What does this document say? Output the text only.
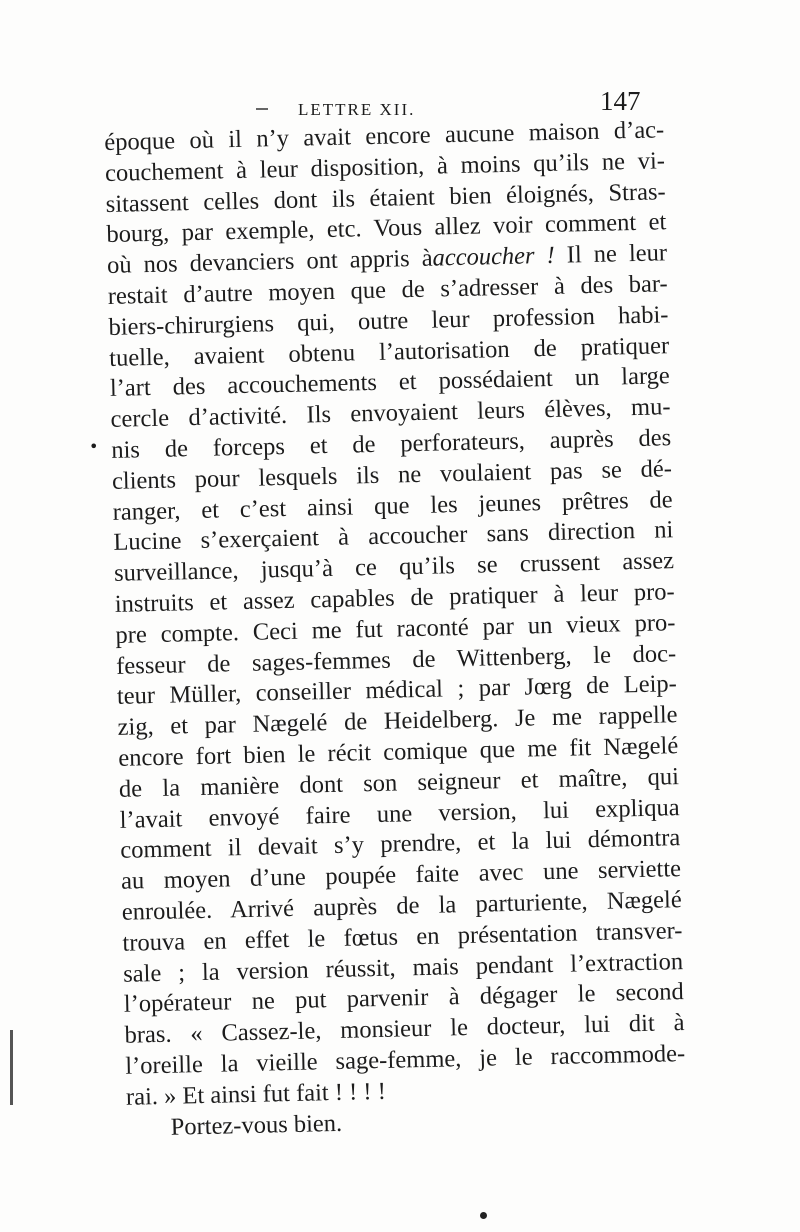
LETTRE XII.	147
•
époque où il n’y avait encore aucune maison d’ac-
couchement à leur disposition, à moins qu’ils ne vi-
sitassent celles dont ils étaient bien éloignés, Stras-
bourg, par exemple, etc. Vous allez voir comment et
où nos devanciers ont appris àaccoucher ! Il ne leur
restait d’autre moyen que de s’adresser à des bar-
biers-chirurgiens qui, outre leur profession habi-
tuelle, avaient obtenu l’autorisation de pratiquer
l’art des accouchements et possédaient un large
cercle d’activité. Ils envoyaient leurs élèves, mu-
nis de forceps et de perforateurs, auprès des
clients pour lesquels ils ne voulaient pas se dé-
ranger, et c’est ainsi que les jeunes prêtres de
Lucine s’exerçaient à accoucher sans direction ni
surveillance, jusqu’à ce qu’ils se crussent assez
instruits et assez capables de pratiquer à leur pro-
pre compte. Ceci me fut raconté par un vieux pro-
fesseur de sages-femmes de Wittenberg, le doc-
teur Müller, conseiller médical ; par Jœrg de Leip-
zig, et par Nægelé de Heidelberg. Je me rappelle
encore fort bien le récit comique que me fit Nægelé
de la manière dont son seigneur et maître, qui
l’avait envoyé faire une version, lui expliqua
comment il devait s’y prendre, et la lui démontra
au moyen d’une poupée faite avec une serviette
enroulée. Arrivé auprès de la parturiente, Nægelé
trouva en effet le fœtus en présentation transver-
sale ; la version réussit, mais pendant l’extraction
l’opérateur ne put parvenir à dégager le second
bras. « Cassez-le, monsieur le docteur, lui dit à
l’oreille la vieille sage-femme, je le raccommode-
rai. » Et ainsi fut fait ! ! ! !
Portez-vous bien.
